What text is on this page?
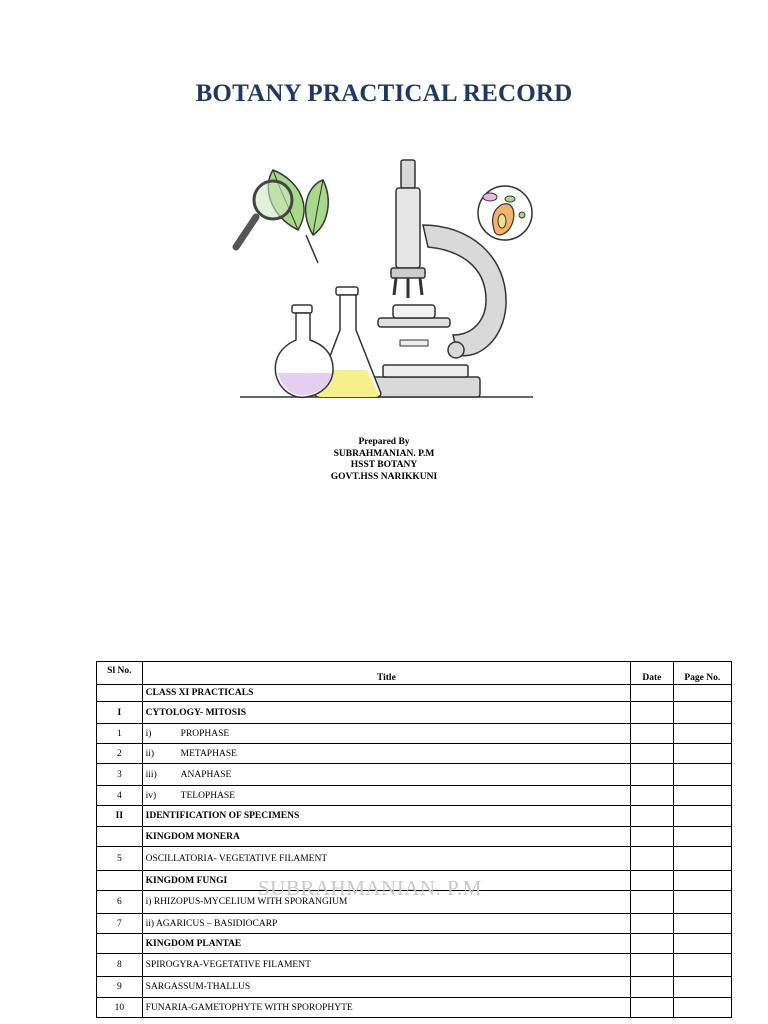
BOTANY PRACTICAL RECORD
Prepared By
SUBRAHMANIAN. P.M
HSST BOTANY
GOVT.HSS NARIKKUNI
SUBRAHMANIAN. P.M
Sl No.	Title	Date	Page No.
	CLASS XI PRACTICALS		
I	CYTOLOGY- MITOSIS		
1	i) PROPHASE		
2	ii) METAPHASE		
3	iii) ANAPHASE		
4	iv) TELOPHASE		
II	IDENTIFICATION OF SPECIMENS		
	KINGDOM MONERA		
5	OSCILLATORIA- VEGETATIVE FILAMENT		
	KINGDOM FUNGI		
6	i) RHIZOPUS-MYCELIUM WITH SPORANGIUM		
7	ii) AGARICUS – BASIDIOCARP		
	KINGDOM PLANTAE		
8	SPIROGYRA-VEGETATIVE FILAMENT		
9	SARGASSUM-THALLUS		
10	FUNARIA-GAMETOPHYTE WITH SPOROPHYTE		
